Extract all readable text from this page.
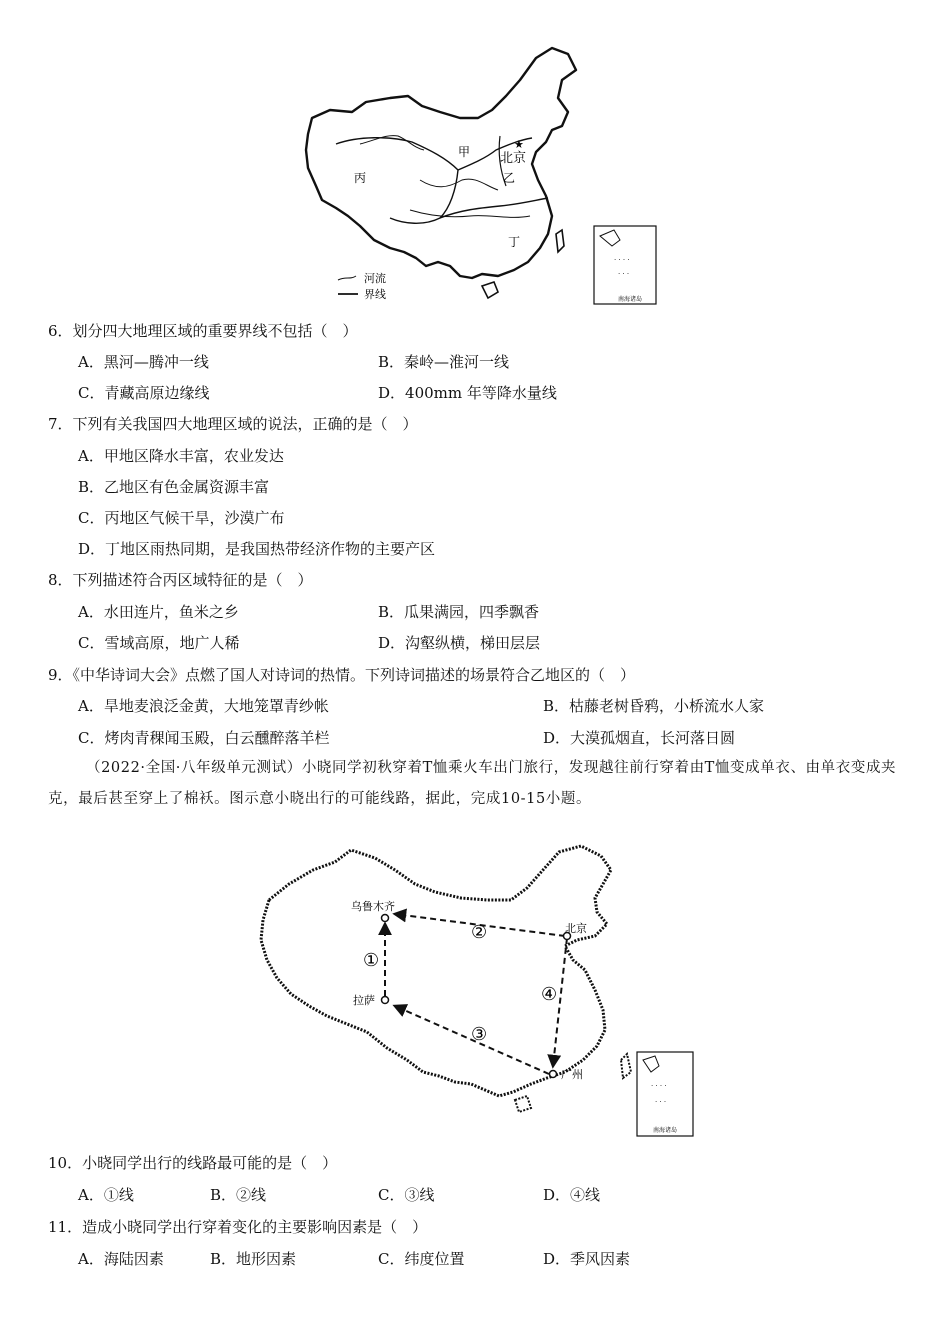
甲
★
北京
乙
丙
丁
河流
界线
· · · ·
· · ·
南海诸岛
6．划分四大地理区域的重要界线不包括（　）
A．黑河—腾冲一线	B．秦岭—淮河一线
C．青藏高原边缘线	D．400mm 年等降水量线
7．下列有关我国四大地理区域的说法，正确的是（　）
A．甲地区降水丰富，农业发达
B．乙地区有色金属资源丰富
C．丙地区气候干旱，沙漠广布
D．丁地区雨热同期，是我国热带经济作物的主要产区
8．下列描述符合丙区域特征的是（　）
A．水田连片，鱼米之乡	B．瓜果满园，四季飘香
C．雪域高原，地广人稀	D．沟壑纵横，梯田层层
9．《中华诗词大会》点燃了国人对诗词的热情。下列诗词描述的场景符合乙地区的（　）
A．旱地麦浪泛金黄，大地笼罩青纱帐	B．枯藤老树昏鸦，小桥流水人家
C．烤肉青稞闻玉殿，白云醺醉落羊栏	D．大漠孤烟直，长河落日圆
（2022·全国·八年级单元测试）小晓同学初秋穿着T恤乘火车出门旅行，发现越往前行穿着由T恤变成单衣、由单衣变成夹克，最后甚至穿上了棉袄。图示意小晓出行的可能线路，据此，完成10-15小题。
乌鲁木齐
北京
拉萨
广州
①
②
③
④
· · · ·
· · ·
南海诸岛
10．小晓同学出行的线路最可能的是（　）
A．①线	B．②线	C．③线	D．④线
11．造成小晓同学出行穿着变化的主要影响因素是（　）
A．海陆因素	B．地形因素	C．纬度位置	D．季风因素
